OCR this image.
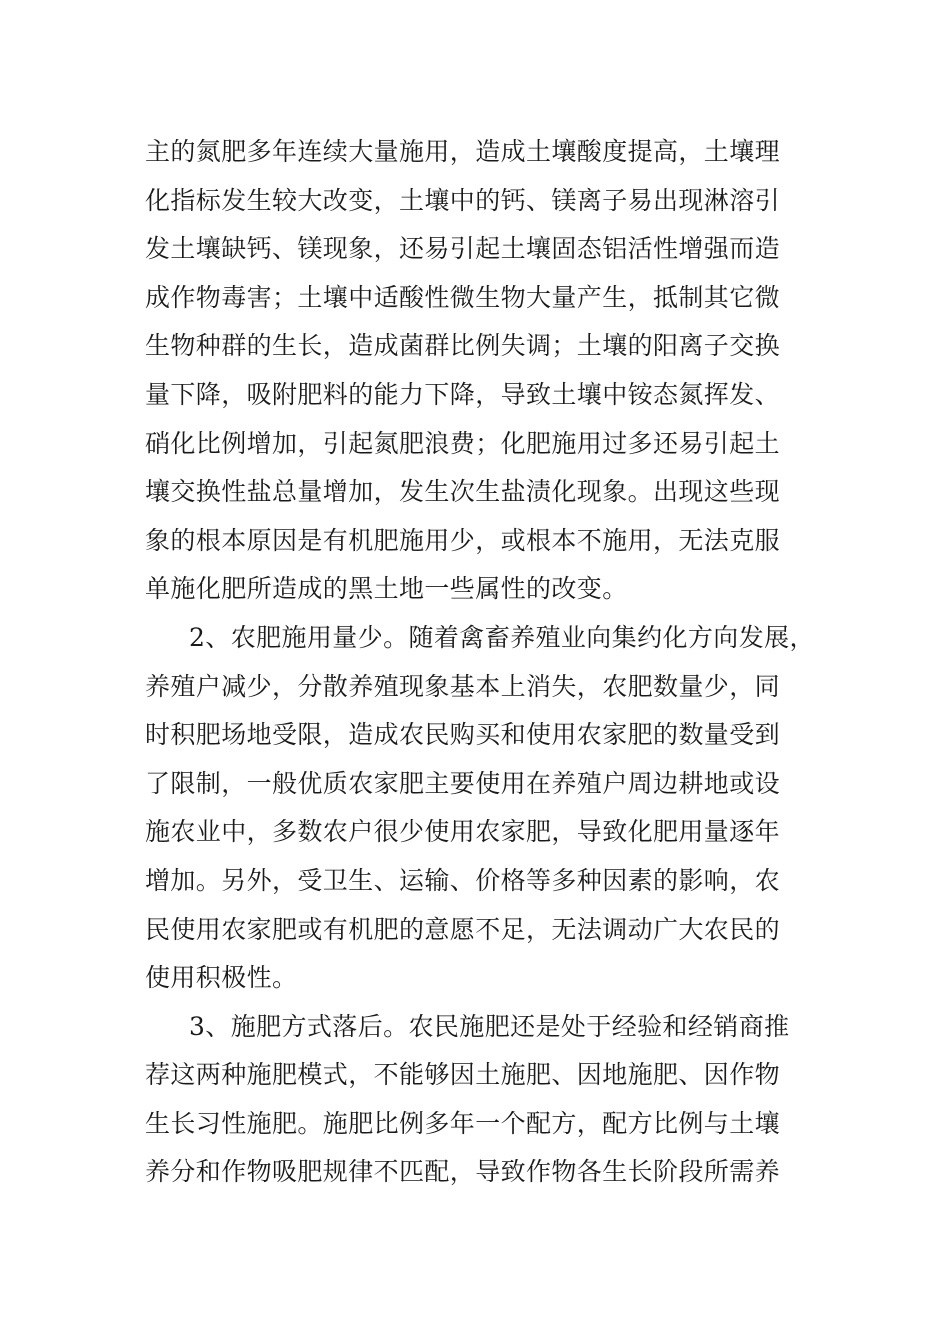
主的氮肥多年连续大量施用，造成土壤酸度提高，土壤理
化指标发生较大改变，土壤中的钙、镁离子易出现淋溶引
发土壤缺钙、镁现象，还易引起土壤固态铝活性增强而造
成作物毒害；土壤中适酸性微生物大量产生，抵制其它微
生物种群的生长，造成菌群比例失调；土壤的阳离子交换
量下降，吸附肥料的能力下降，导致土壤中铵态氮挥发、
硝化比例增加，引起氮肥浪费；化肥施用过多还易引起土
壤交换性盐总量增加，发生次生盐渍化现象。出现这些现
象的根本原因是有机肥施用少，或根本不施用，无法克服
单施化肥所造成的黑土地一些属性的改变。
2、农肥施用量少。随着禽畜养殖业向集约化方向发展，
养殖户减少，分散养殖现象基本上消失，农肥数量少，同
时积肥场地受限，造成农民购买和使用农家肥的数量受到
了限制，一般优质农家肥主要使用在养殖户周边耕地或设
施农业中，多数农户很少使用农家肥，导致化肥用量逐年
增加。另外，受卫生、运输、价格等多种因素的影响，农
民使用农家肥或有机肥的意愿不足，无法调动广大农民的
使用积极性。
3、施肥方式落后。农民施肥还是处于经验和经销商推
荐这两种施肥模式，不能够因土施肥、因地施肥、因作物
生长习性施肥。施肥比例多年一个配方，配方比例与土壤
养分和作物吸肥规律不匹配，导致作物各生长阶段所需养
